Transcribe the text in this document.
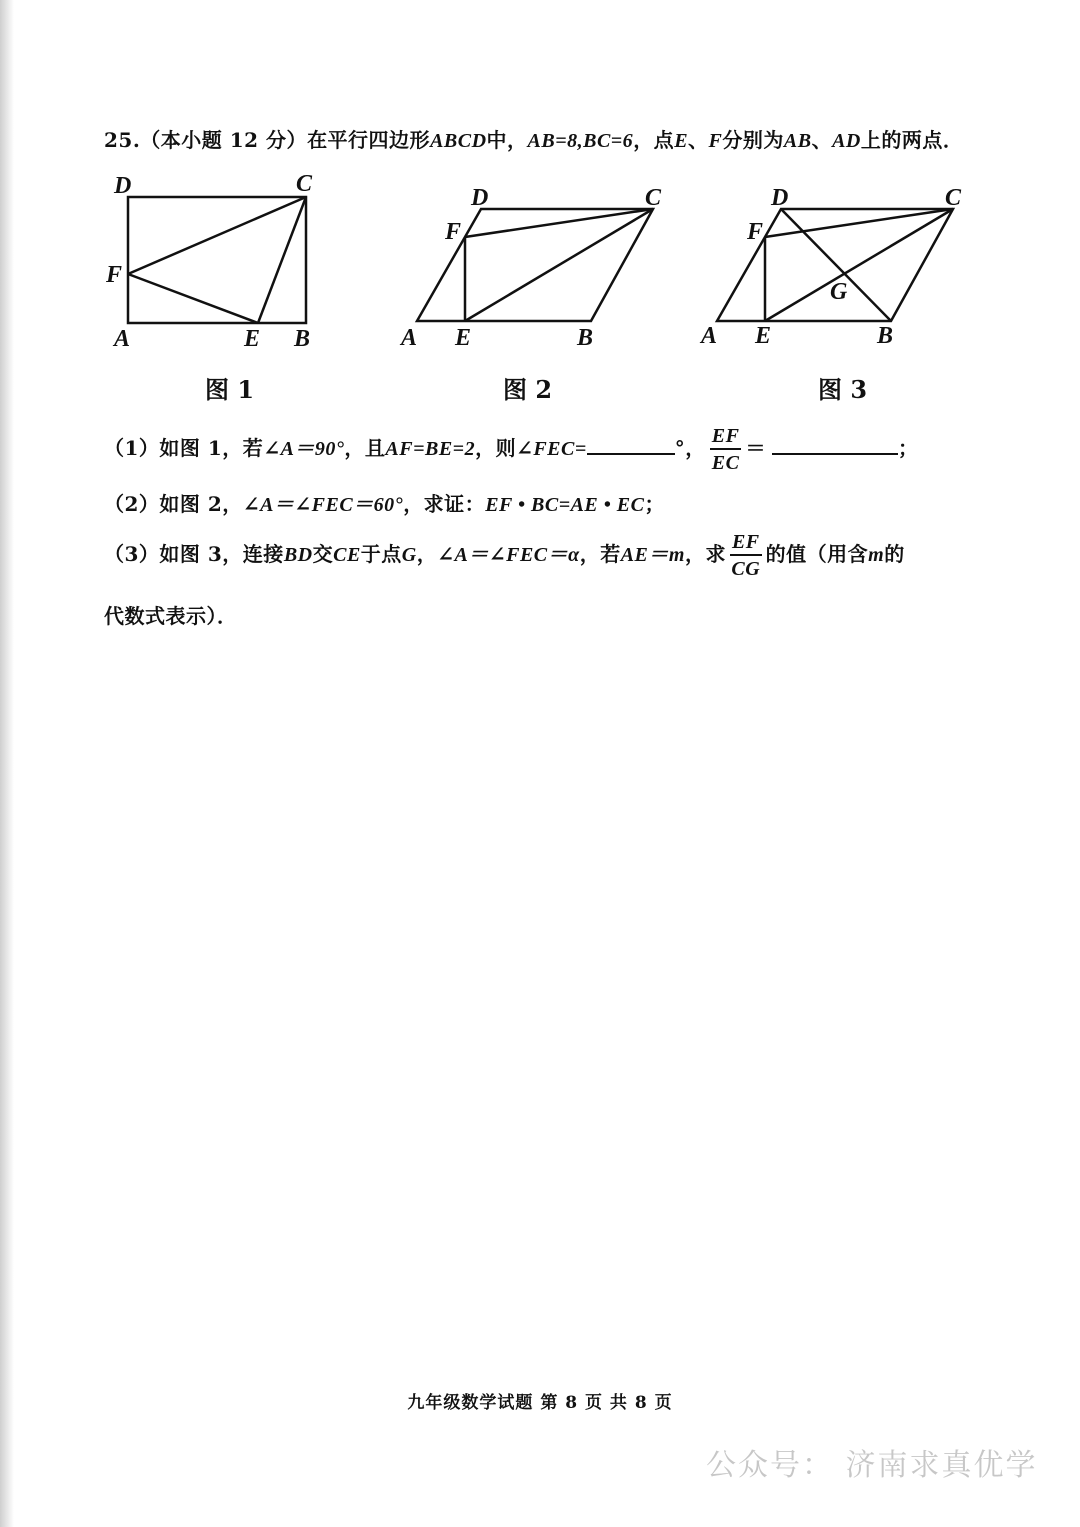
25.（本小题 12 分）在平行四边形ABCD中，AB=8,BC=6，点E、F分别为AB、AD上的两点．
D	C
F
A	E B
图 1
D	C
F
A E	B
图 2
D	C
F
G
A E	B
图 3
（1）如图 1，若∠A＝90°，且AF=BE=2，则∠FEC=	°， $\frac{EF}{EC}$ ＝	；
（2）如图 2，∠A＝∠FEC＝60°，求证：EF • BC=AE • EC；
（3）如图 3，连接BD交CE于点G，∠A＝∠FEC＝α，若AE＝m，求 $\frac{EF}{CG}$ 的值（用含m的
代数式表示）．
九年级数学试题 第 8 页 共 8 页
公众号： 济南求真优学
